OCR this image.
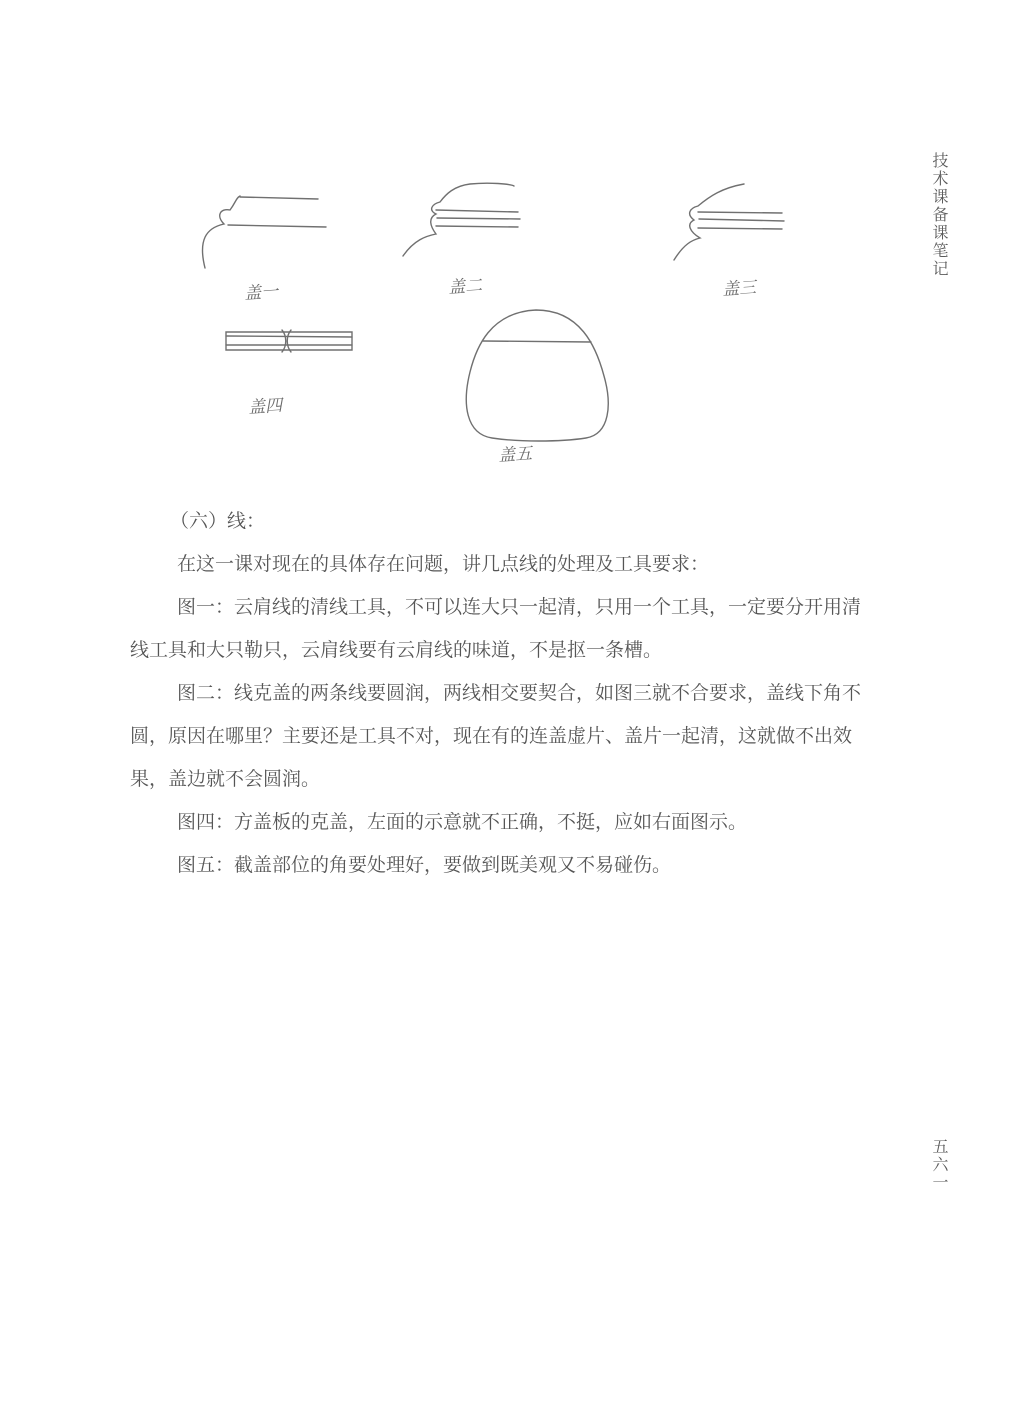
技术课备课笔记
五六一
盖一	盖二	盖三
盖四
盖五

（六）线：

在这一课对现在的具体存在问题，讲几点线的处理及工具要求：

图一：云肩线的清线工具，不可以连大只一起清，只用一个工具，一定要分开用清线工具和大只勒只，云肩线要有云肩线的味道，不是抠一条槽。

图二：线克盖的两条线要圆润，两线相交要契合，如图三就不合要求，盖线下角不圆，原因在哪里？主要还是工具不对，现在有的连盖虚片、盖片一起清，这就做不出效果，盖边就不会圆润。

图四：方盖板的克盖，左面的示意就不正确，不挺，应如右面图示。

图五：截盖部位的角要处理好，要做到既美观又不易碰伤。
